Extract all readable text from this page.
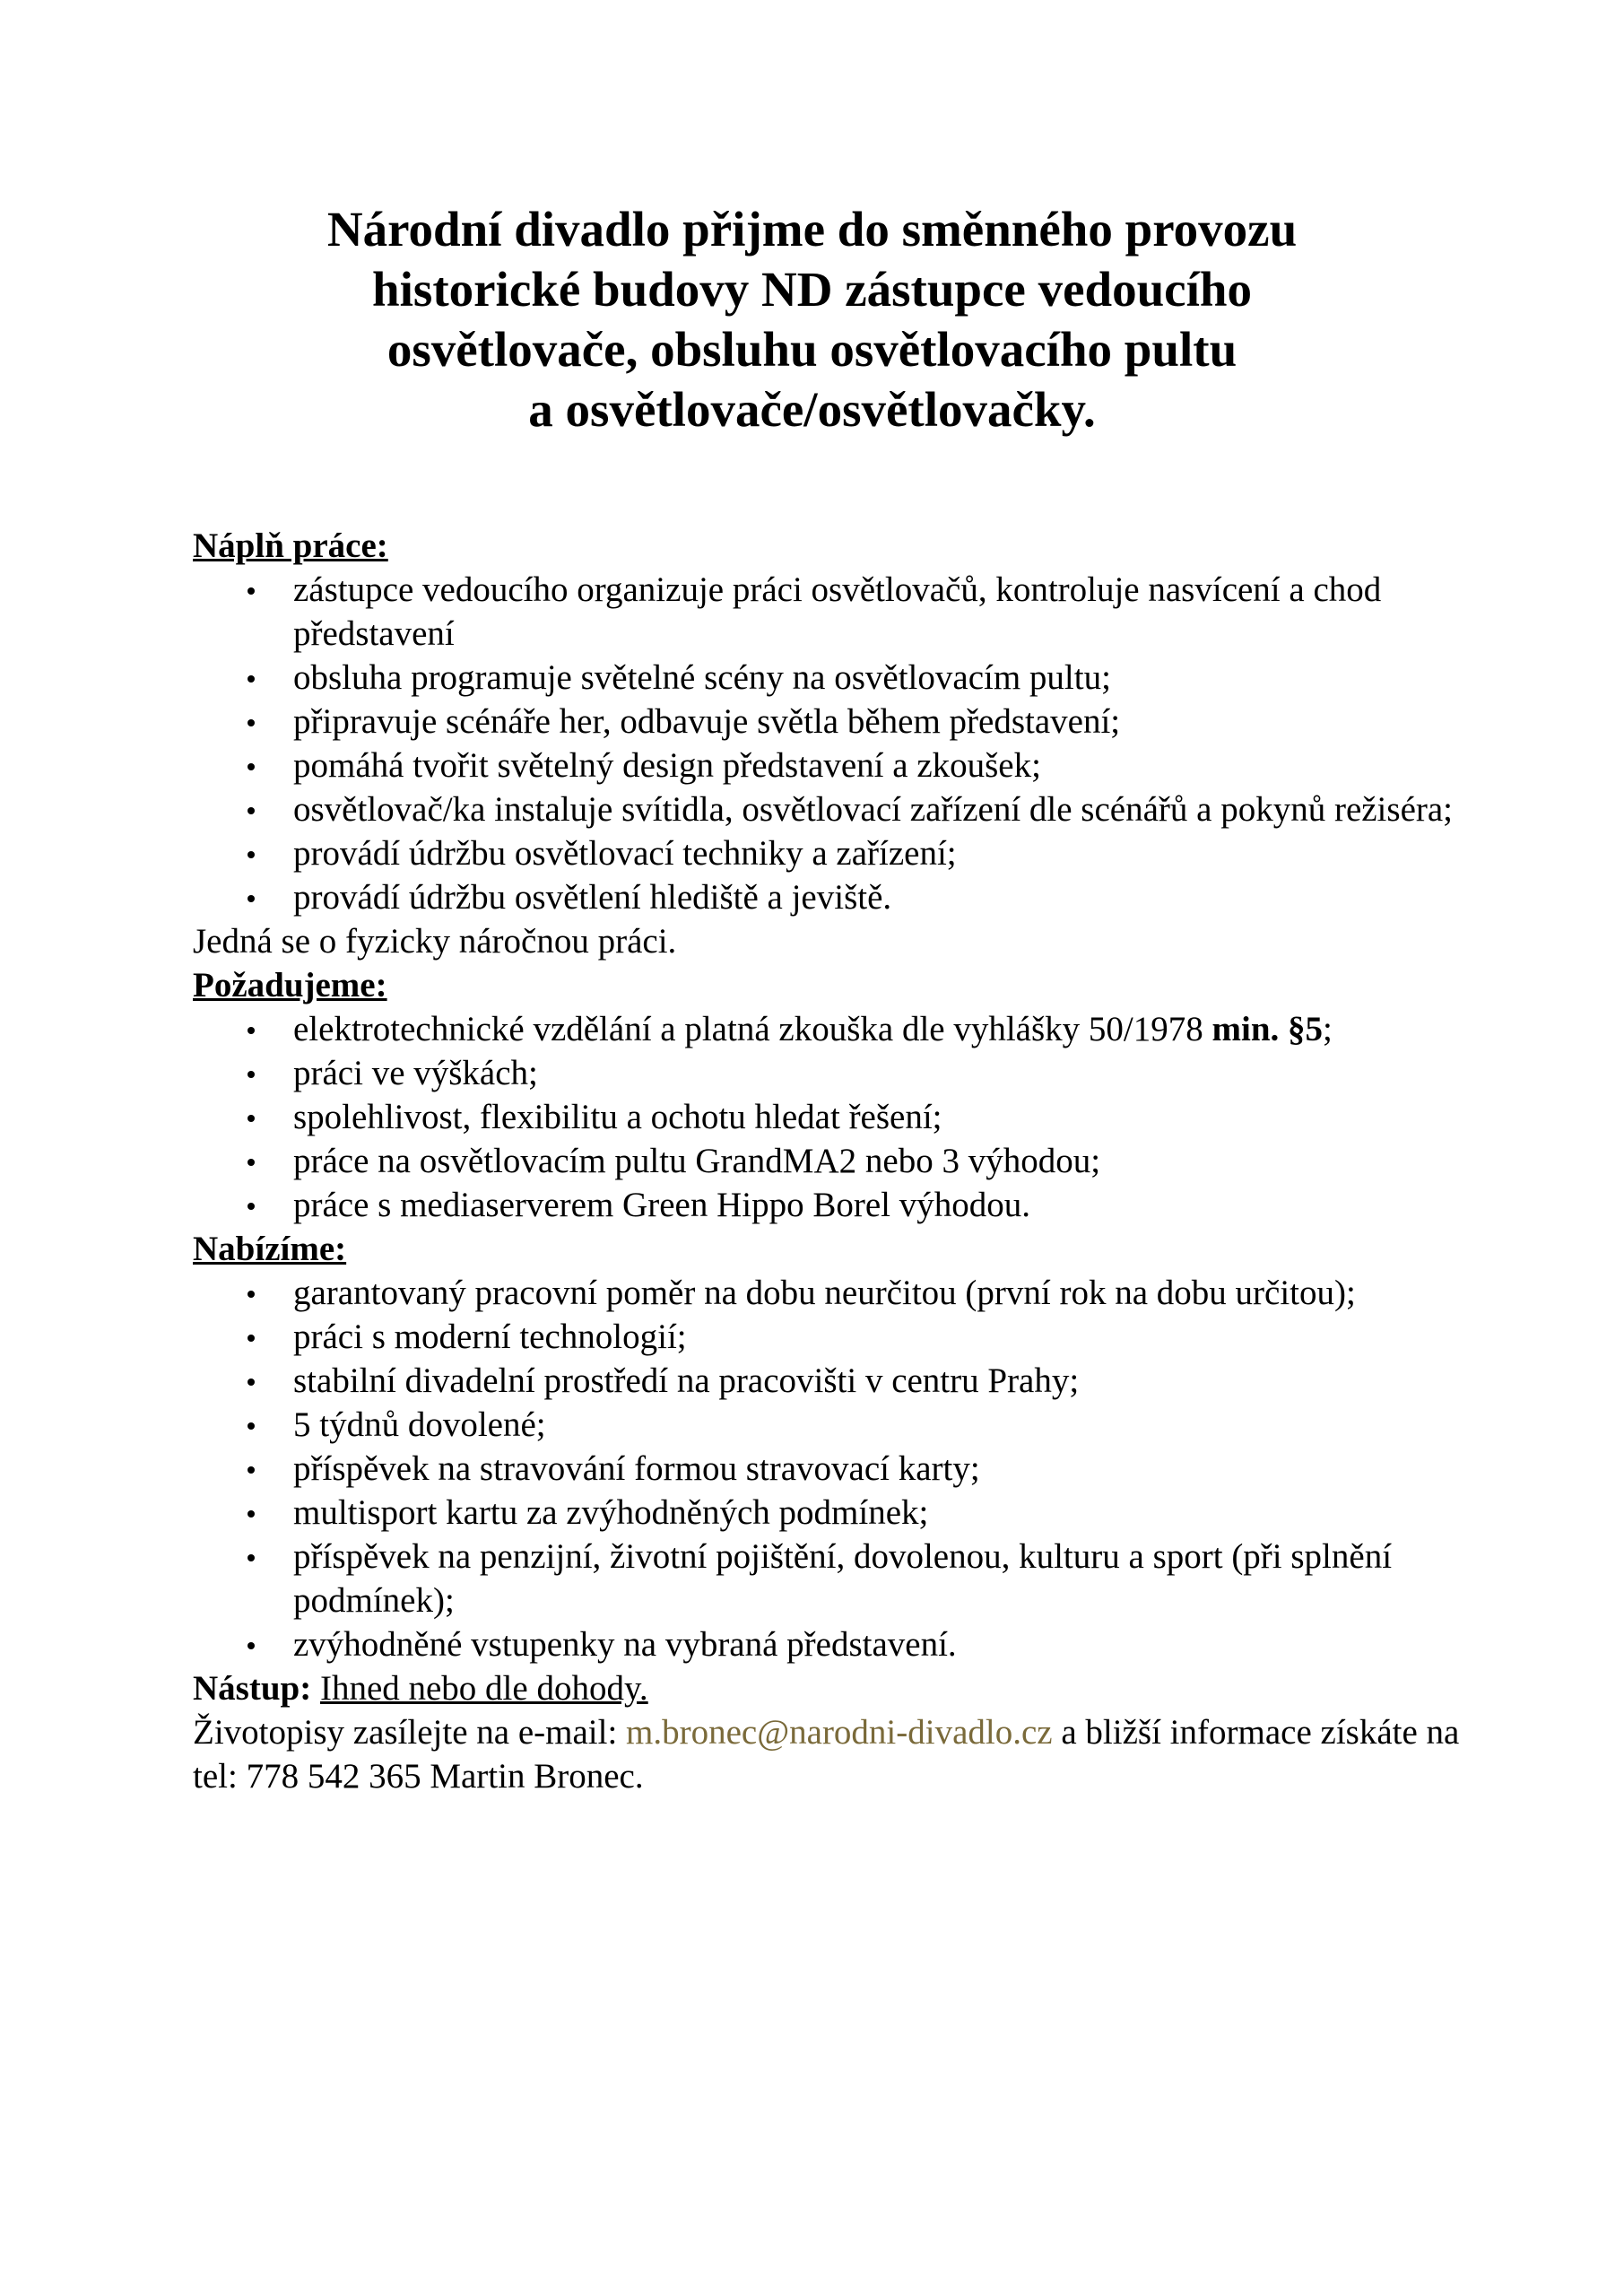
Národní divadlo přijme do směnného provozu
historické budovy ND zástupce vedoucího
osvětlovače, obsluhu osvětlovacího pultu
a osvětlovače/osvětlovačky.
Náplň práce:
zástupce vedoucího organizuje práci osvětlovačů, kontroluje nasvícení a chod představení
obsluha programuje světelné scény na osvětlovacím pultu;
připravuje scénáře her, odbavuje světla během představení;
pomáhá tvořit světelný design představení a zkoušek;
osvětlovač/ka instaluje svítidla, osvětlovací zařízení dle scénářů a pokynů režiséra;
provádí údržbu osvětlovací techniky a zařízení;
provádí údržbu osvětlení hlediště a jeviště.
Jedná se o fyzicky náročnou práci.
Požadujeme:
elektrotechnické vzdělání a platná zkouška dle vyhlášky 50/1978 min. §5;
práci ve výškách;
spolehlivost, flexibilitu a ochotu hledat řešení;
práce na osvětlovacím pultu GrandMA2 nebo 3 výhodou;
práce s mediaserverem Green Hippo Borel výhodou.
Nabízíme:
garantovaný pracovní poměr na dobu neurčitou (první rok na dobu určitou);
práci s moderní technologií;
stabilní divadelní prostředí na pracovišti v centru Prahy;
5 týdnů dovolené;
příspěvek na stravování formou stravovací karty;
multisport kartu za zvýhodněných podmínek;
příspěvek na penzijní, životní pojištění, dovolenou, kulturu a sport (při splnění podmínek);
zvýhodněné vstupenky na vybraná představení.
Nástup: Ihned nebo dle dohody.
Životopisy zasílejte na e-mail: m.bronec@narodni-divadlo.cz a bližší informace získáte na tel: 778 542 365 Martin Bronec.
